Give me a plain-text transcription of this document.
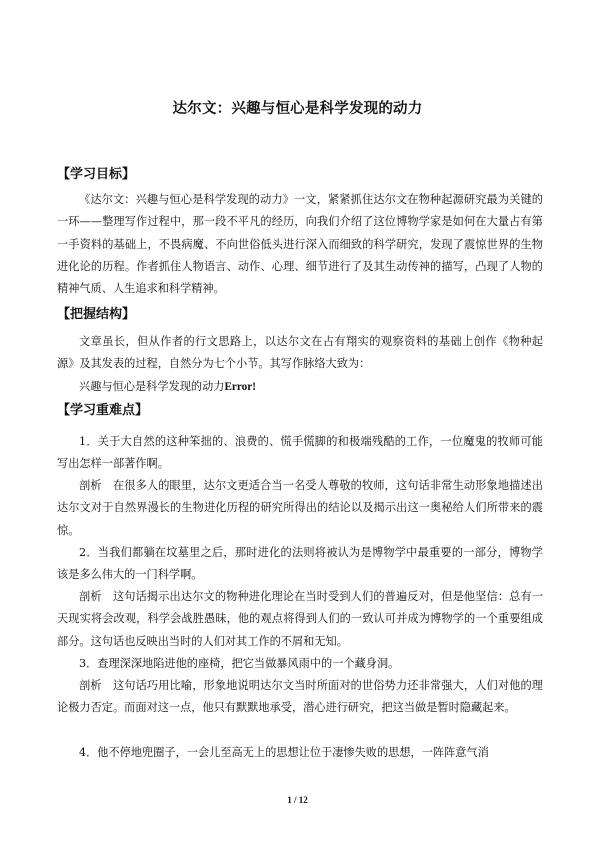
达尔文：兴趣与恒心是科学发现的动力
【学习目标】

《达尔文：兴趣与恒心是科学发现的动力》一文，紧紧抓住达尔文在物种起源研究最为关键的一环——整理写作过程中，那一段不平凡的经历，向我们介绍了这位博物学家是如何在大量占有第一手资料的基础上，不畏病魔、不向世俗低头进行深入而细致的科学研究，发现了震惊世界的生物进化论的历程。作者抓住人物语言、动作、心理、细节进行了及其生动传神的描写，凸现了人物的精神气质、人生追求和科学精神。

【把握结构】

文章虽长，但从作者的行文思路上，以达尔文在占有翔实的观察资料的基础上创作《物种起源》及其发表的过程，自然分为七个小节。其写作脉络大致为：

兴趣与恒心是科学发现的动力Error!

【学习重难点】

1．关于大自然的这种笨拙的、浪费的、慌手慌脚的和极端残酷的工作，一位魔鬼的牧师可能写出怎样一部著作啊。

剖析　在很多人的眼里，达尔文更适合当一名受人尊敬的牧师，这句话非常生动形象地描述出达尔文对于自然界漫长的生物进化历程的研究所得出的结论以及揭示出这一奥秘给人们所带来的震惊。

2．当我们都躺在坟墓里之后，那时进化的法则将被认为是博物学中最重要的一部分，博物学该是多么伟大的一门科学啊。

剖析　这句话揭示出达尔文的物种进化理论在当时受到人们的普遍反对，但是他坚信：总有一天现实将会改观，科学会战胜愚昧，他的观点将得到人们的一致认可并成为博物学的一个重要组成部分。这句话也反映出当时的人们对其工作的不屑和无知。

3．查理深深地陷进他的座椅，把它当做暴风雨中的一个藏身洞。

剖析　这句话巧用比喻，形象地说明达尔文当时所面对的世俗势力还非常强大，人们对他的理论极力否定。而面对这一点，他只有默默地承受，潜心进行研究，把这当做是暂时隐藏起来。

4．他不停地兜圈子，一会儿至高无上的思想让位于凄惨失败的思想，一阵阵意气消

1 / 12
